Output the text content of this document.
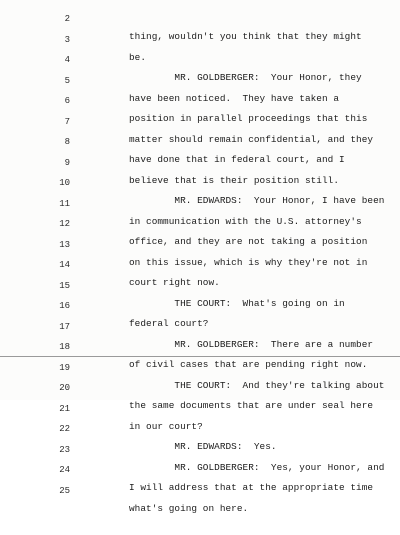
2

thing, wouldn't you think that they might

3

be.

4

MR. GOLDBERGER:  Your Honor, they

5

have been noticed.  They have taken a

6

position in parallel proceedings that this

7

matter should remain confidential, and they

8

have done that in federal court, and I

9

believe that is their position still.

10

MR. EDWARDS:  Your Honor, I have been

11

in communication with the U.S. attorney's

12

office, and they are not taking a position

13

on this issue, which is why they're not in

14

court right now.

15

THE COURT:  What's going on in

16

federal court?

17

MR. GOLDBERGER:  There are a number

18

of civil cases that are pending right now.

19

THE COURT:  And they're talking about

20

the same documents that are under seal here

21

in our court?

22

MR. EDWARDS:  Yes.

23

MR. GOLDBERGER:  Yes, your Honor, and

24

I will address that at the appropriate time

25

what's going on here.
